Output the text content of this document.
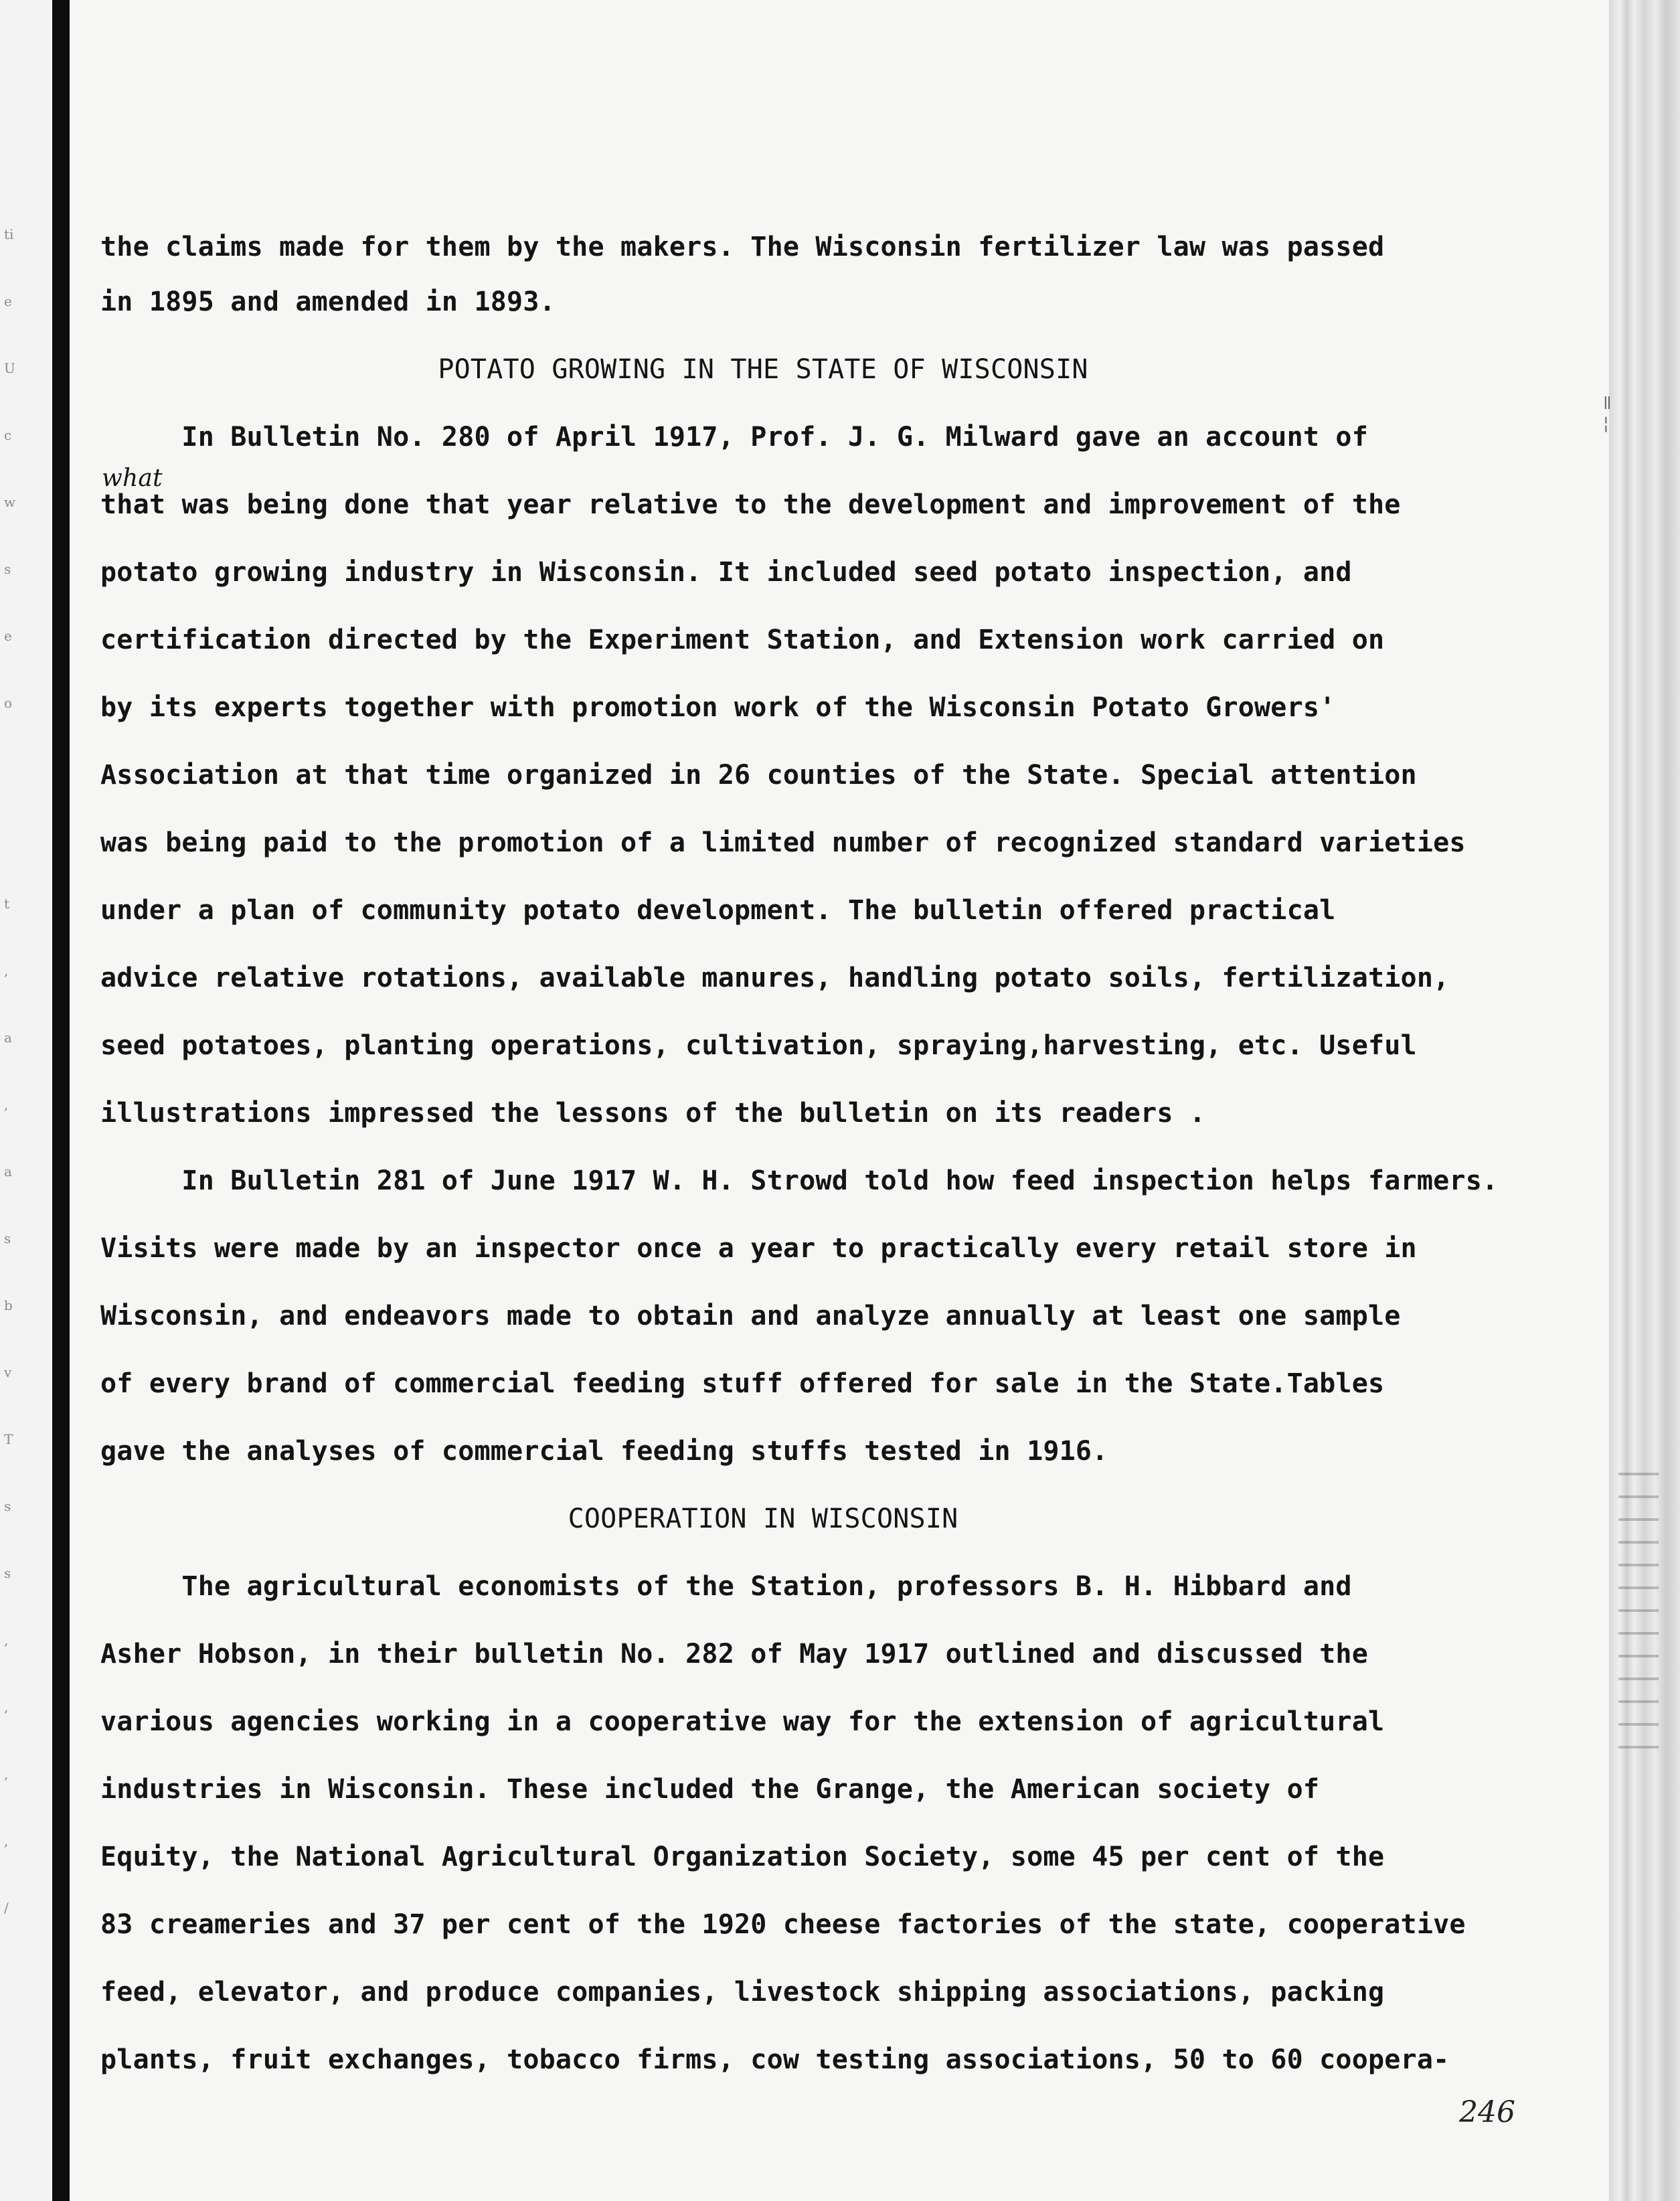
ti
e
U
c
w
s
e
o

t
,
a
,
a
s
b
v
T
s
s
,
,
,
,
/
ǁ
¦
the claims made for them by the makers. The Wisconsin fertilizer law was passed
in 1895 and amended in 1893.
POTATO GROWING IN THE STATE OF WISCONSIN
In Bulletin No. 280 of April 1917, Prof. J. G. Milward gave an account of
what
that was being done that year relative to the development and improvement of the
potato growing industry in Wisconsin. It included seed potato inspection, and
certification directed by the Experiment Station, and Extension work carried on
by its experts together with promotion work of the Wisconsin Potato Growers'
Association at that time organized in 26 counties of the State. Special attention
was being paid to the promotion of a limited number of recognized standard varieties
under a plan of community potato development. The bulletin offered practical
advice relative rotations, available manures, handling potato soils, fertilization,
seed potatoes, planting operations, cultivation, spraying,harvesting, etc. Useful
illustrations impressed the lessons of the bulletin on its readers .
In Bulletin 281 of June 1917 W. H. Strowd told how feed inspection helps farmers.
Visits were made by an inspector once a year to practically every retail store in
Wisconsin, and endeavors made to obtain and analyze annually at least one sample
of every brand of commercial feeding stuff offered for sale in the State.Tables
gave the analyses of commercial feeding stuffs tested in 1916.
COOPERATION IN WISCONSIN
The agricultural economists of the Station, professors B. H. Hibbard and
Asher Hobson, in their bulletin No. 282 of May 1917 outlined and discussed the
various agencies working in a cooperative way for the extension of agricultural
industries in Wisconsin. These included the Grange, the American society of
Equity, the National Agricultural Organization Society, some 45 per cent of the
83 creameries and 37 per cent of the 1920 cheese factories of the state, cooperative
feed, elevator, and produce companies, livestock shipping associations, packing
plants, fruit exchanges, tobacco firms, cow testing associations, 50 to 60 coopera-
246
